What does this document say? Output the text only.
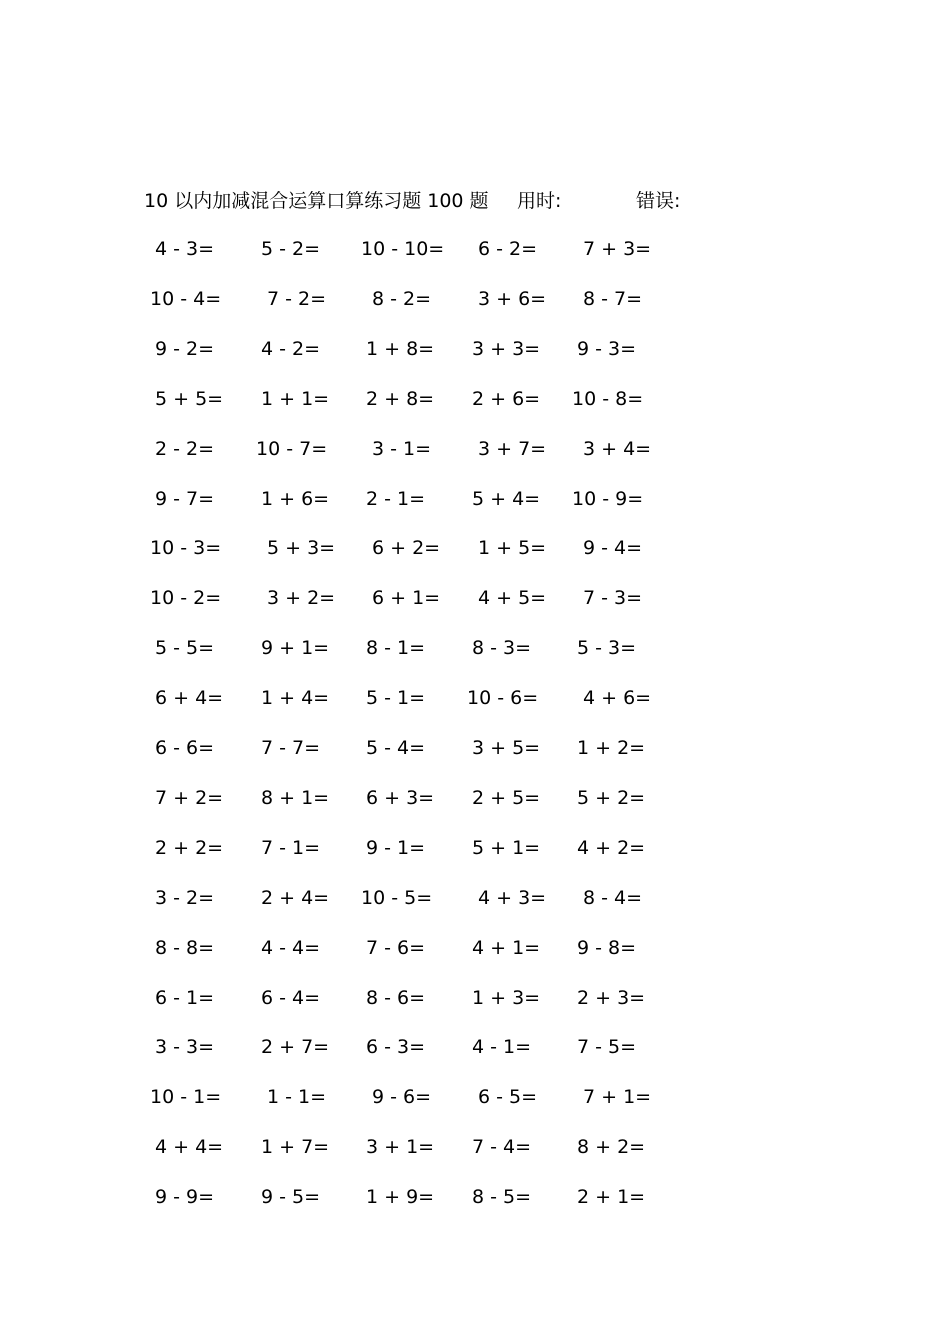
10 以内加减混合运算口算练习题 100 题 用时:	错误:
4 - 3=	5 - 2=	10 - 10=	6 - 2=	7 + 3=
10 - 4=	7 - 2=	8 - 2=	3 + 6=	8 - 7=
9 - 2=	4 - 2=	1 + 8=	3 + 3=	9 - 3=
5 + 5=	1 + 1=	2 + 8=	2 + 6=	10 - 8=
2 - 2=	10 - 7=	3 - 1=	3 + 7=	3 + 4=
9 - 7=	1 + 6=	2 - 1=	5 + 4=	10 - 9=
10 - 3=	5 + 3=	6 + 2=	1 + 5=	9 - 4=
10 - 2=	3 + 2=	6 + 1=	4 + 5=	7 - 3=
5 - 5=	9 + 1=	8 - 1=	8 - 3=	5 - 3=
6 + 4=	1 + 4=	5 - 1=	10 - 6=	4 + 6=
6 - 6=	7 - 7=	5 - 4=	3 + 5=	1 + 2=
7 + 2=	8 + 1=	6 + 3=	2 + 5=	5 + 2=
2 + 2=	7 - 1=	9 - 1=	5 + 1=	4 + 2=
3 - 2=	2 + 4=	10 - 5=	4 + 3=	8 - 4=
8 - 8=	4 - 4=	7 - 6=	4 + 1=	9 - 8=
6 - 1=	6 - 4=	8 - 6=	1 + 3=	2 + 3=
3 - 3=	2 + 7=	6 - 3=	4 - 1=	7 - 5=
10 - 1=	1 - 1=	9 - 6=	6 - 5=	7 + 1=
4 + 4=	1 + 7=	3 + 1=	7 - 4=	8 + 2=
9 - 9=	9 - 5=	1 + 9=	8 - 5=	2 + 1=
